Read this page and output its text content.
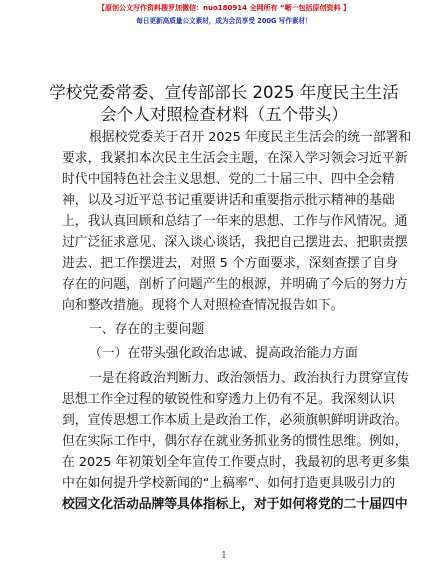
【原创公文写作资料搜罗加微信：nuo180914 全网所有 “晰一包括原创资料 】
每日更新高质量公文素材，成为会员享受 200G 写作素材！
学校党委常委、宣传部部长 2025 年度民主生活
会个人对照检查材料（五个带头）
根据校党委关于召开 2025 年度民主生活会的统一部署和
要求，我紧扣本次民主生活会主题，在深入学习领会习近平新
时代中国特色社会主义思想、党的二十届三中、四中全会精
神，以及习近平总书记重要讲话和重要指示批示精神的基础
上，我认真回顾和总结了一年来的思想、工作与作风情况。通
过广泛征求意见、深入谈心谈话，我把自己摆进去、把职责摆
进去、把工作摆进去，对照 5 个方面要求，深刻查摆了自身
存在的问题，剖析了问题产生的根源，并明确了今后的努力方
向和整改措施。现将个人对照检查情况报告如下。
一、存在的主要问题
（一）在带头强化政治忠诚、提高政治能力方面
一是在将政治判断力、政治领悟力、政治执行力贯穿宣传
思想工作全过程的敏锐性和穿透力上仍有不足。我深刻认识
到，宣传思想工作本质上是政治工作，必须旗帜鲜明讲政治。
但在实际工作中，偶尔存在就业务抓业务的惯性思维。例如，
在 2025 年初策划全年宣传工作要点时，我最初的思考更多集
中在如何提升学校新闻的“上稿率”、如何打造更具吸引力的
校园文化活动品牌等具体指标上，对于如何将党的二十届四中
1
